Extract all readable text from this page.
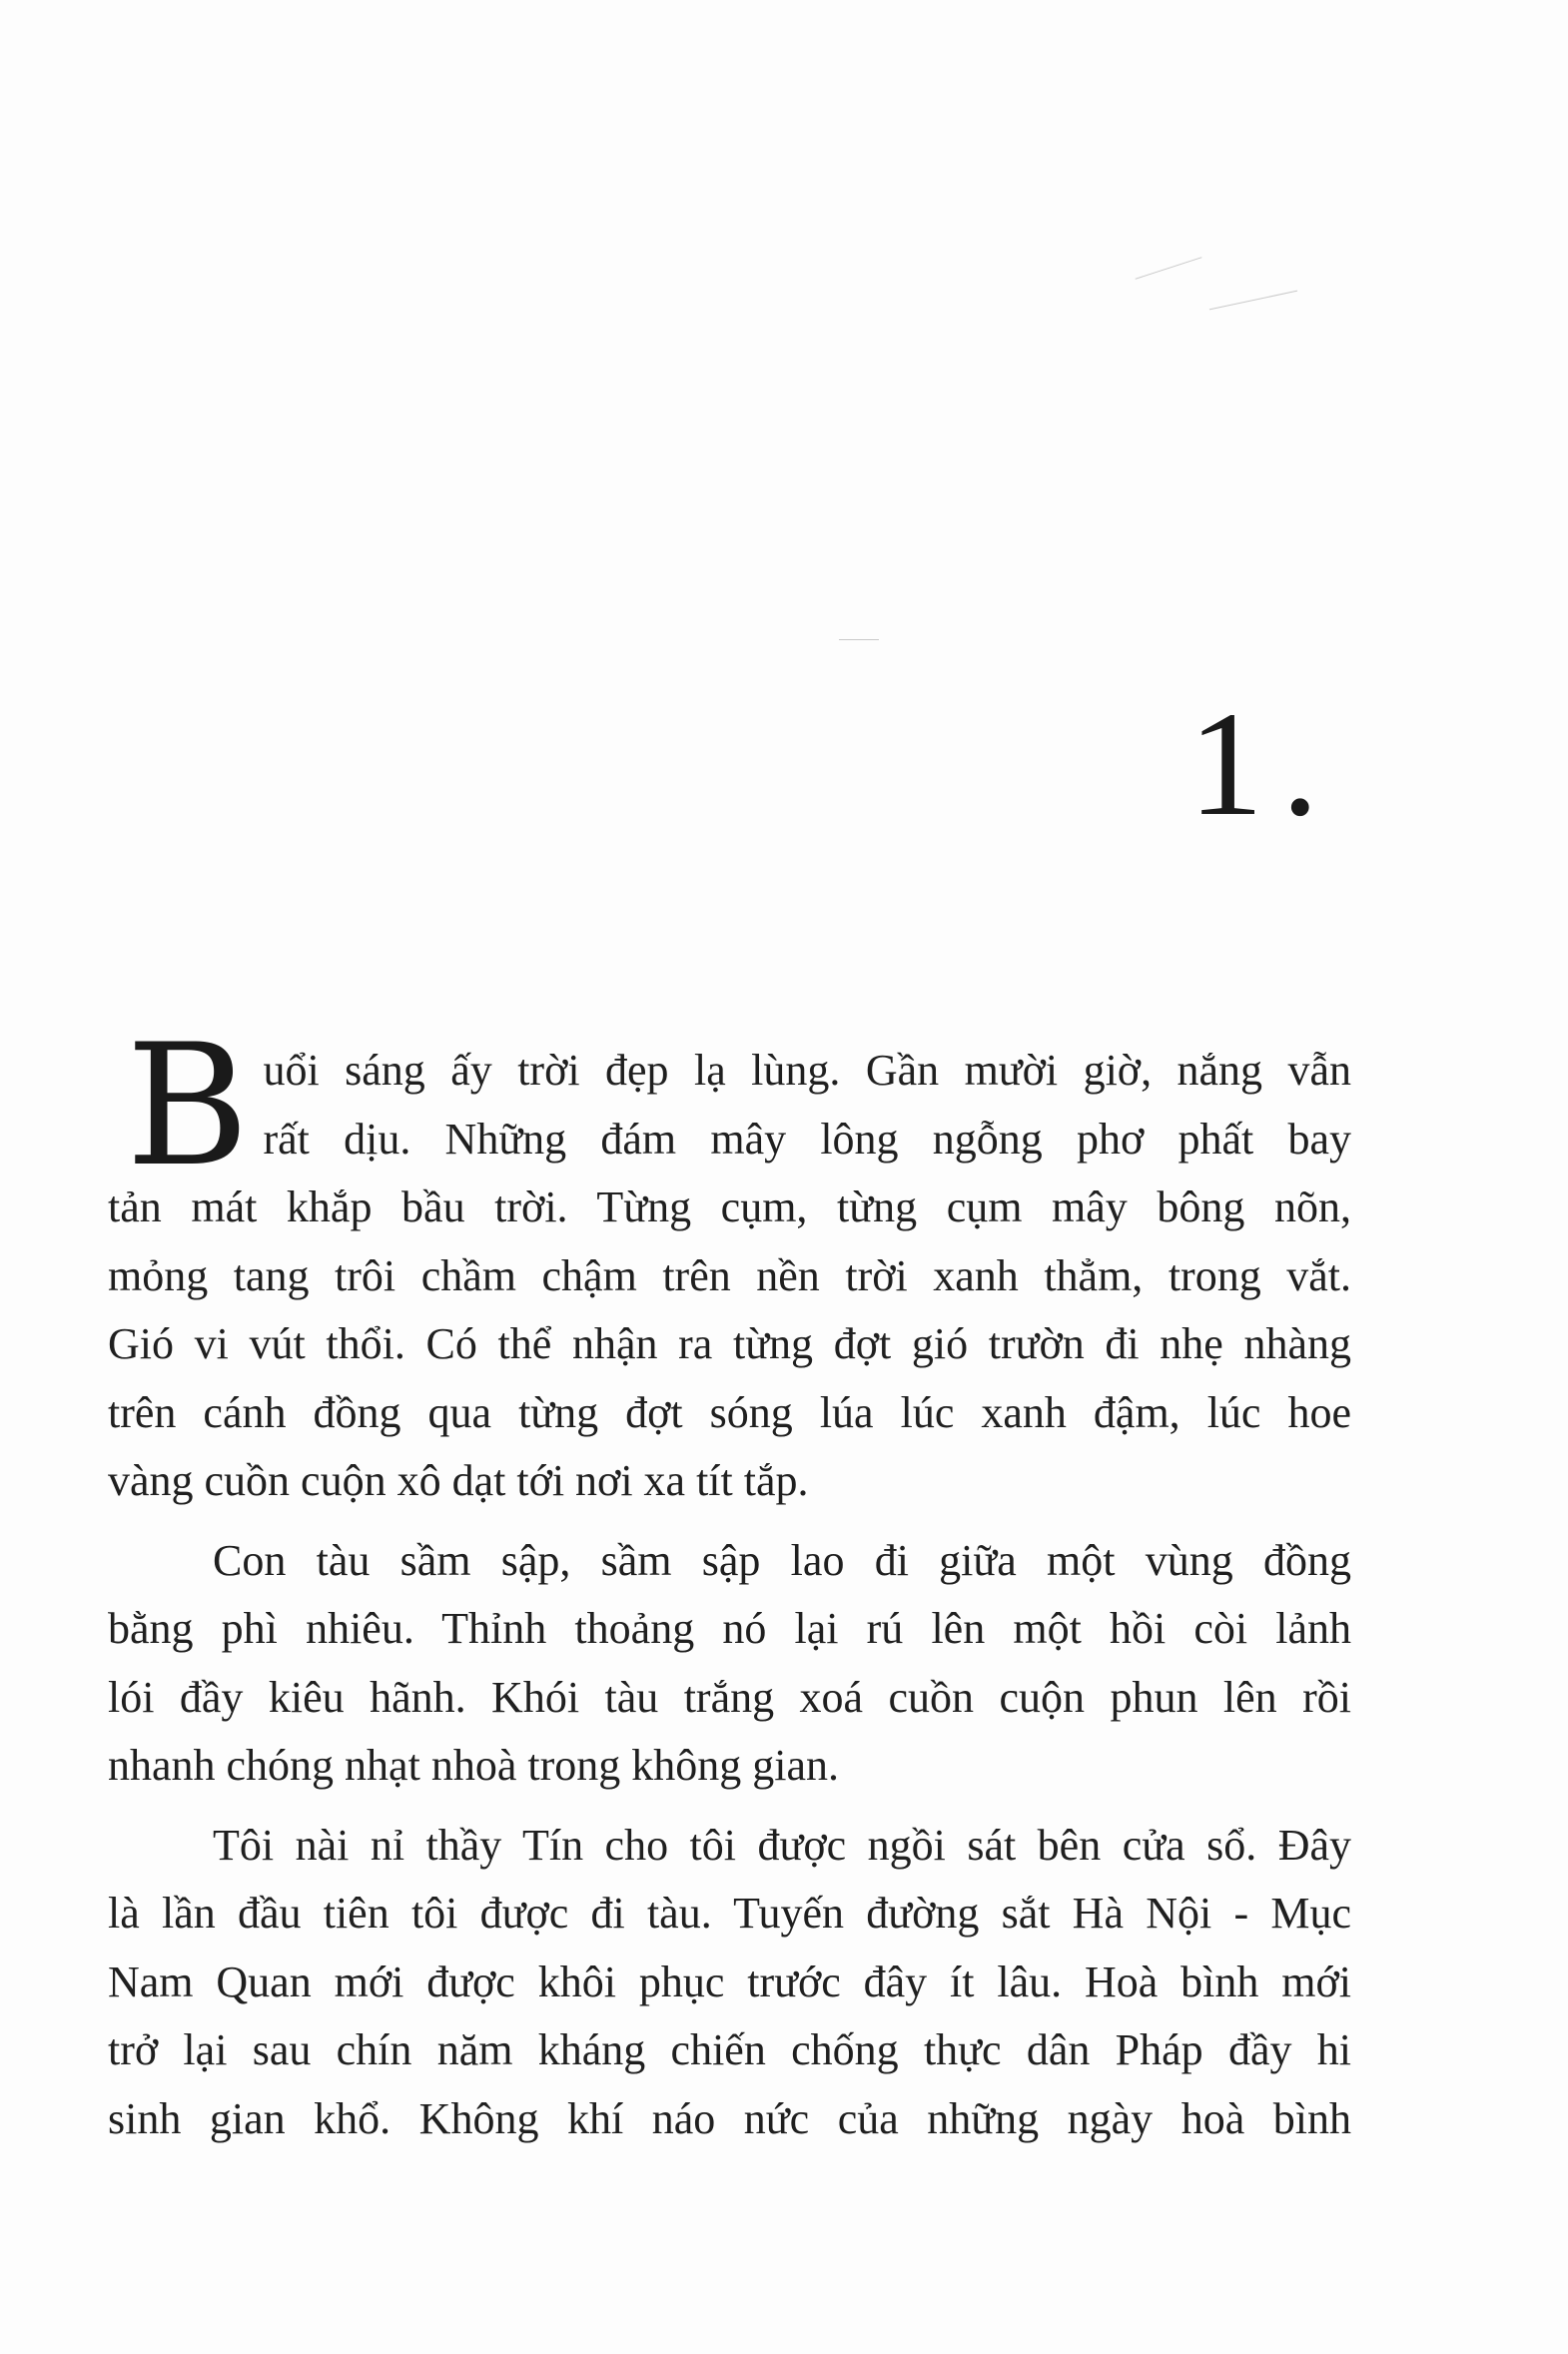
1.
B uổi sáng ấy trời đẹp lạ lùng. Gần mười giờ, nắng vẫn
rất dịu. Những đám mây lông ngỗng phơ phất bay
tản mát khắp bầu trời. Từng cụm, từng cụm mây bông nõn,
mỏng tang trôi chầm chậm trên nền trời xanh thẳm, trong vắt.
Gió vi vút thổi. Có thể nhận ra từng đợt gió trườn đi nhẹ nhàng
trên cánh đồng qua từng đợt sóng lúa lúc xanh đậm, lúc hoe
vàng cuồn cuộn xô dạt tới nơi xa tít tắp.
Con tàu sầm sập, sầm sập lao đi giữa một vùng đồng
bằng phì nhiêu. Thỉnh thoảng nó lại rú lên một hồi còi lảnh
lói đầy kiêu hãnh. Khói tàu trắng xoá cuồn cuộn phun lên rồi
nhanh chóng nhạt nhoà trong không gian.
Tôi nài nỉ thầy Tín cho tôi được ngồi sát bên cửa sổ. Đây
là lần đầu tiên tôi được đi tàu. Tuyến đường sắt Hà Nội - Mục
Nam Quan mới được khôi phục trước đây ít lâu. Hoà bình mới
trở lại sau chín năm kháng chiến chống thực dân Pháp đầy hi
sinh gian khổ. Không khí náo nức của những ngày hoà bình
